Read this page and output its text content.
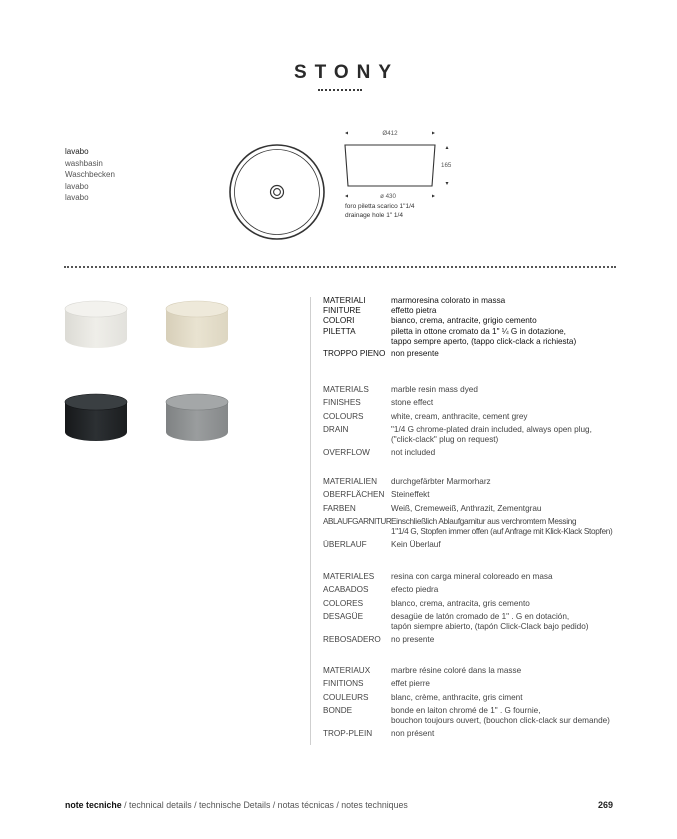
STONY
lavabo
washbasin
Waschbecken
lavabo
lavabo
Ø412
165
ø 430
foro piletta scarico 1"1/4
drainage hole 1" 1/4
MATERIALI	marmoresina colorato in massa
FINITURE	effetto pietra
COLORI	bianco, crema, antracite, grigio cemento
PILETTA	piletta in ottone cromato da 1" ¼ G in dotazione,
tappo sempre aperto, (tappo click-clack a richiesta)
TROPPO PIENO non presente
MATERIALS	marble resin mass dyed
FINISHES	stone effect
COLOURS	white, cream, anthracite, cement grey
DRAIN	"1/4 G chrome-plated drain included, always open plug,
("click-clack" plug on request)
OVERFLOW	not included
MATERIALIEN	durchgefärbter Marmorharz
OBERFLÄCHEN Steineffekt
FARBEN	Weiß, Cremeweiß, Anthrazit, Zementgrau
ABLAUFGARNITUR Einschließlich Ablaufgarnitur aus verchromtem Messing
1"1/4 G, Stopfen immer offen (auf Anfrage mit Klick-Klack Stopfen)
ÜBERLAUF	Kein Überlauf
MATERIALES	resina con carga mineral coloreado en masa
ACABADOS	efecto piedra
COLORES	blanco, crema, antracita, gris cemento
DESAGÜE	desagüe de latón cromado de 1" . G en dotación,
tapón siempre abierto, (tapón Click-Clack bajo pedido)
REBOSADERO	no presente
MATERIAUX	marbre résine coloré dans la masse
FINITIONS	effet pierre
COULEURS	blanc, crème, anthracite, gris ciment
BONDE	bonde en laiton chromé de 1" . G fournie,
bouchon toujours ouvert, (bouchon click-clack sur demande)
TROP-PLEIN	non présent
note tecniche / technical details / technische Details / notas técnicas / notes techniques	269
